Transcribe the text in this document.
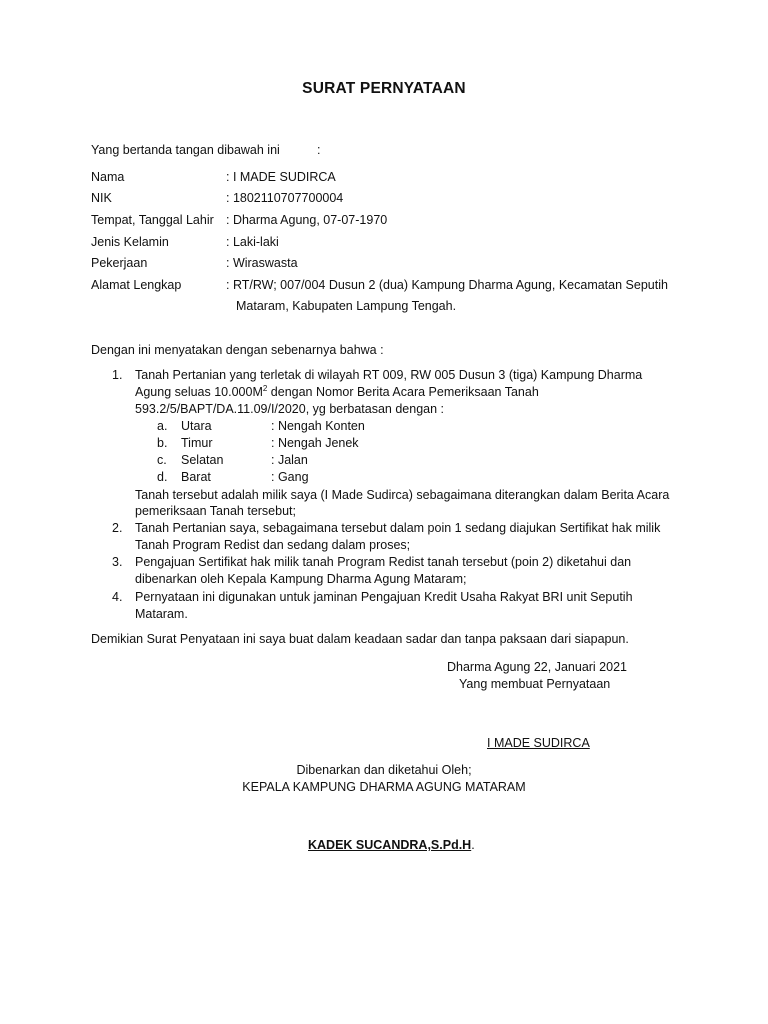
SURAT PERNYATAAN
Yang bertanda tangan dibawah ini	:
Nama	: I MADE SUDIRCA
NIK	: 1802110707700004
Tempat, Tanggal Lahir : Dharma Agung, 07-07-1970
Jenis Kelamin	: Laki-laki
Pekerjaan	: Wiraswasta
Alamat Lengkap	: RT/RW; 007/004 Dusun 2 (dua) Kampung Dharma Agung, Kecamatan Seputih
Mataram, Kabupaten Lampung Tengah.
Dengan ini menyatakan dengan sebenarnya bahwa :
1. Tanah Pertanian yang terletak di wilayah RT 009, RW 005 Dusun 3 (tiga) Kampung Dharma
Agung seluas $10.000M^2$ dengan Nomor Berita Acara Pemeriksaan Tanah
593.2/5/BAPT/DA.11.09/I/2020, yg berbatasan dengan :
a. Utara	: Nengah Konten
b. Timur	: Nengah Jenek
c. Selatan	: Jalan
d. Barat	: Gang
Tanah tersebut adalah milik saya (I Made Sudirca) sebagaimana diterangkan dalam Berita Acara
pemeriksaan Tanah tersebut;
2. Tanah Pertanian saya, sebagaimana tersebut dalam poin 1 sedang diajukan Sertifikat hak milik
Tanah Program Redist dan sedang dalam proses;
3. Pengajuan Sertifikat hak milik tanah Program Redist tanah tersebut (poin 2) diketahui dan
dibenarkan oleh Kepala Kampung Dharma Agung Mataram;
4. Pernyataan ini digunakan untuk jaminan Pengajuan Kredit Usaha Rakyat BRI unit Seputih
Mataram.
Demikian Surat Penyataan ini saya buat dalam keadaan sadar dan tanpa paksaan dari siapapun.
Dharma Agung 22, Januari 2021
Yang membuat Pernyataan
I MADE SUDIRCA
Dibenarkan dan diketahui Oleh;
KEPALA KAMPUNG DHARMA AGUNG MATARAM
KADEK SUCANDRA,S.Pd.H.
